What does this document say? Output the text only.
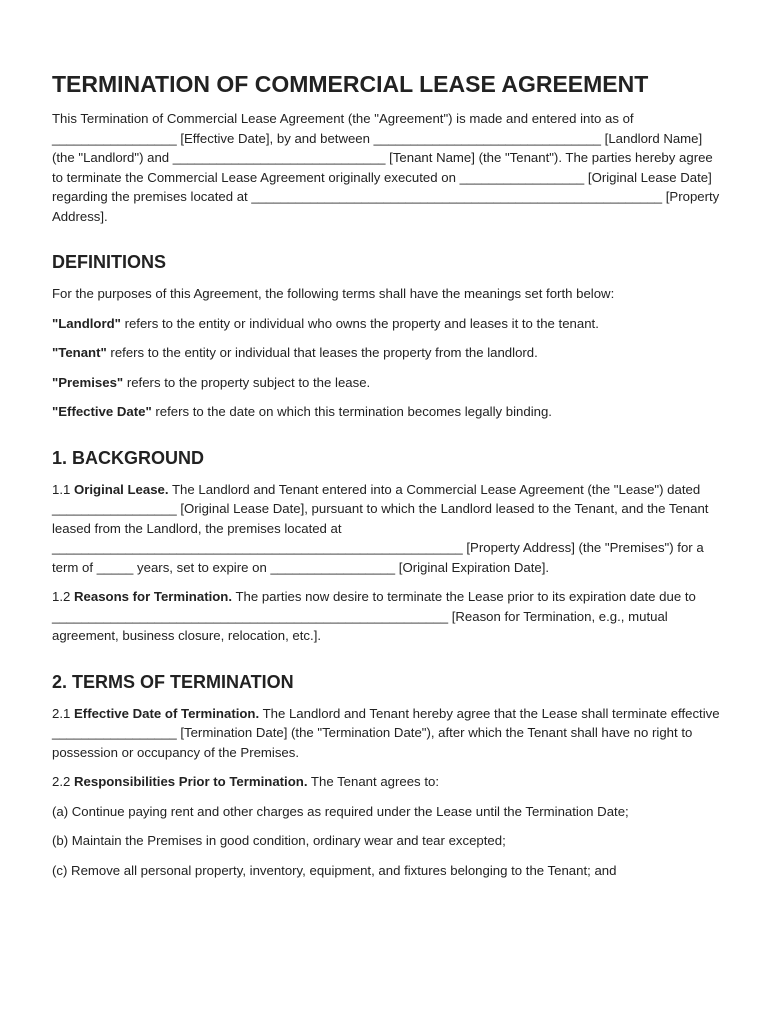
TERMINATION OF COMMERCIAL LEASE AGREEMENT

This Termination of Commercial Lease Agreement (the "Agreement") is made and entered into as of _________________ [Effective Date], by and between _______________________________ [Landlord Name] (the "Landlord") and _____________________________ [Tenant Name] (the "Tenant"). The parties hereby agree to terminate the Commercial Lease Agreement originally executed on _________________ [Original Lease Date] regarding the premises located at ________________________________________________________ [Property Address].

DEFINITIONS

For the purposes of this Agreement, the following terms shall have the meanings set forth below:

"Landlord" refers to the entity or individual who owns the property and leases it to the tenant.

"Tenant" refers to the entity or individual that leases the property from the landlord.

"Premises" refers to the property subject to the lease.

"Effective Date" refers to the date on which this termination becomes legally binding.

1. BACKGROUND

1.1 Original Lease. The Landlord and Tenant entered into a Commercial Lease Agreement (the "Lease") dated _________________ [Original Lease Date], pursuant to which the Landlord leased to the Tenant, and the Tenant leased from the Landlord, the premises located at ________________________________________________________ [Property Address] (the "Premises") for a term of _____ years, set to expire on _________________ [Original Expiration Date].

1.2 Reasons for Termination. The parties now desire to terminate the Lease prior to its expiration date due to ______________________________________________________ [Reason for Termination, e.g., mutual agreement, business closure, relocation, etc.].

2. TERMS OF TERMINATION

2.1 Effective Date of Termination. The Landlord and Tenant hereby agree that the Lease shall terminate effective _________________ [Termination Date] (the "Termination Date"), after which the Tenant shall have no right to possession or occupancy of the Premises.

2.2 Responsibilities Prior to Termination. The Tenant agrees to:

(a) Continue paying rent and other charges as required under the Lease until the Termination Date;

(b) Maintain the Premises in good condition, ordinary wear and tear excepted;

(c) Remove all personal property, inventory, equipment, and fixtures belonging to the Tenant; and
